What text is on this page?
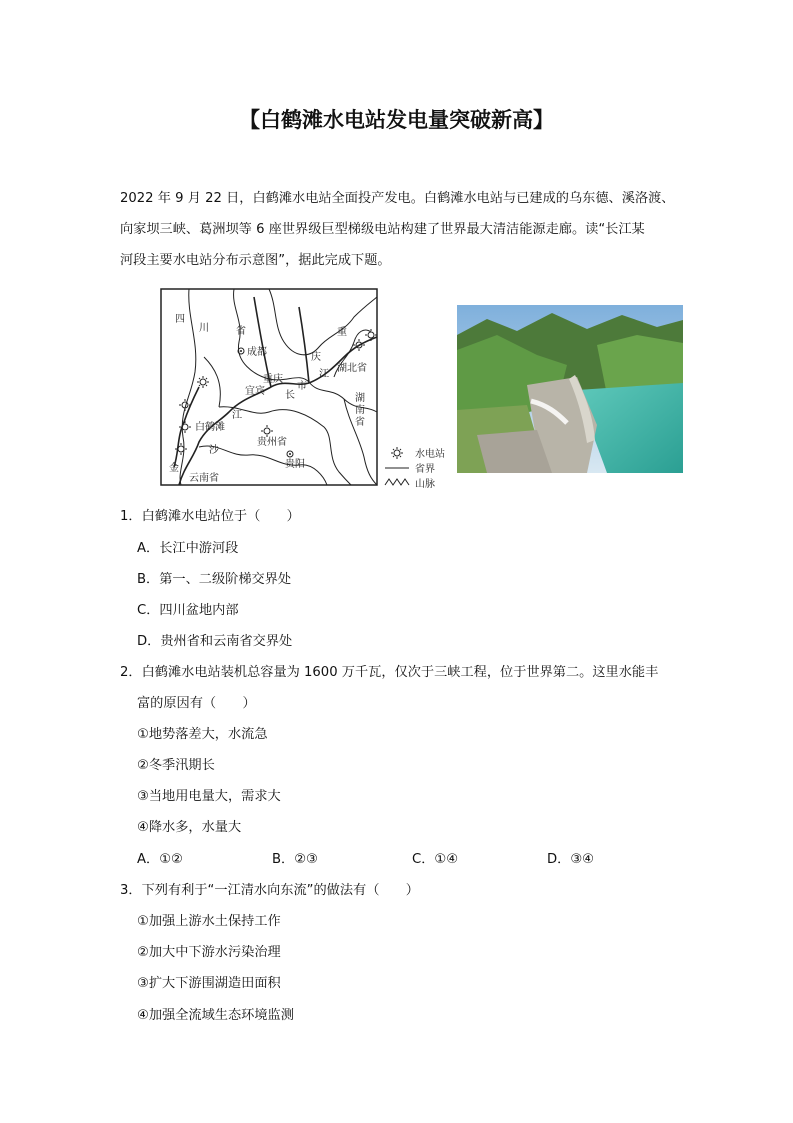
【白鹤滩水电站发电量突破新高】

2022 年 9 月 22 日，白鹤滩水电站全面投产发电。白鹤滩水电站与已建成的乌东德、溪洛渡、

向家坝三峡、葛洲坝等 6 座世界级巨型梯级电站构建了世界最大清洁能源走廊。读“长江某

河段主要水电站分布示意图”，据此完成下题。

四
川	省
成都
重
庆
重庆
市
宜宾 长
江
湖北省
湖
南
省
白鹤滩
江
沙
金
贵州省
贵阳
云南省
水电站
省界
山脉
1．白鹤滩水电站位于（　　）
A．长江中游河段
B．第一、二级阶梯交界处
C．四川盆地内部
D．贵州省和云南省交界处
2．白鹤滩水电站装机总容量为 1600 万千瓦，仅次于三峡工程，位于世界第二。这里水能丰
富的原因有（　　）
①地势落差大，水流急
②冬季汛期长
③当地用电量大，需求大
④降水多，水量大
A．①②	B．②③	C．①④	D．③④
3．下列有利于“一江清水向东流”的做法有（　　）
①加强上游水土保持工作
②加大中下游水污染治理
③扩大下游围湖造田面积
④加强全流域生态环境监测
